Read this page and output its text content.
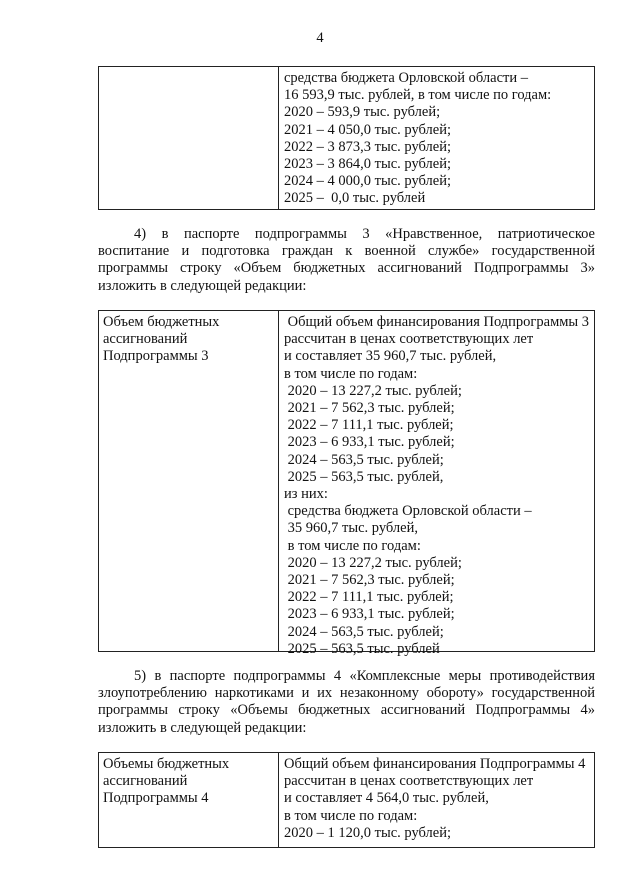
4
средства бюджета Орловской области –
16 593,9 тыс. рублей, в том числе по годам:
2020 – 593,9 тыс. рублей;
2021 – 4 050,0 тыс. рублей;
2022 – 3 873,3 тыс. рублей;
2023 – 3 864,0 тыс. рублей;
2024 – 4 000,0 тыс. рублей;
2025 –  0,0 тыс. рублей
4) в паспорте подпрограммы 3 «Нравственное, патриотическое воспитание и подготовка граждан к военной службе» государственной программы строку «Объем бюджетных ассигнований Подпрограммы 3» изложить в следующей редакции:
Объем бюджетных
ассигнований
Подпрограммы 3
Общий объем финансирования Подпрограммы 3
рассчитан в ценах соответствующих лет
и составляет 35 960,7 тыс. рублей,
в том числе по годам:
2020 – 13 227,2 тыс. рублей;
2021 – 7 562,3 тыс. рублей;
2022 – 7 111,1 тыс. рублей;
2023 – 6 933,1 тыс. рублей;
2024 – 563,5 тыс. рублей;
2025 – 563,5 тыс. рублей,
из них:
средства бюджета Орловской области –
35 960,7 тыс. рублей,
в том числе по годам:
2020 – 13 227,2 тыс. рублей;
2021 – 7 562,3 тыс. рублей;
2022 – 7 111,1 тыс. рублей;
2023 – 6 933,1 тыс. рублей;
2024 – 563,5 тыс. рублей;
2025 – 563,5 тыс. рублей
5) в паспорте подпрограммы 4 «Комплексные меры противодействия злоупотреблению наркотиками и их незаконному обороту» государственной программы строку «Объемы бюджетных ассигнований Подпрограммы 4» изложить в следующей редакции:
Объемы бюджетных
ассигнований
Подпрограммы 4
Общий объем финансирования Подпрограммы 4
рассчитан в ценах соответствующих лет
и составляет 4 564,0 тыс. рублей,
в том числе по годам:
2020 – 1 120,0 тыс. рублей;
